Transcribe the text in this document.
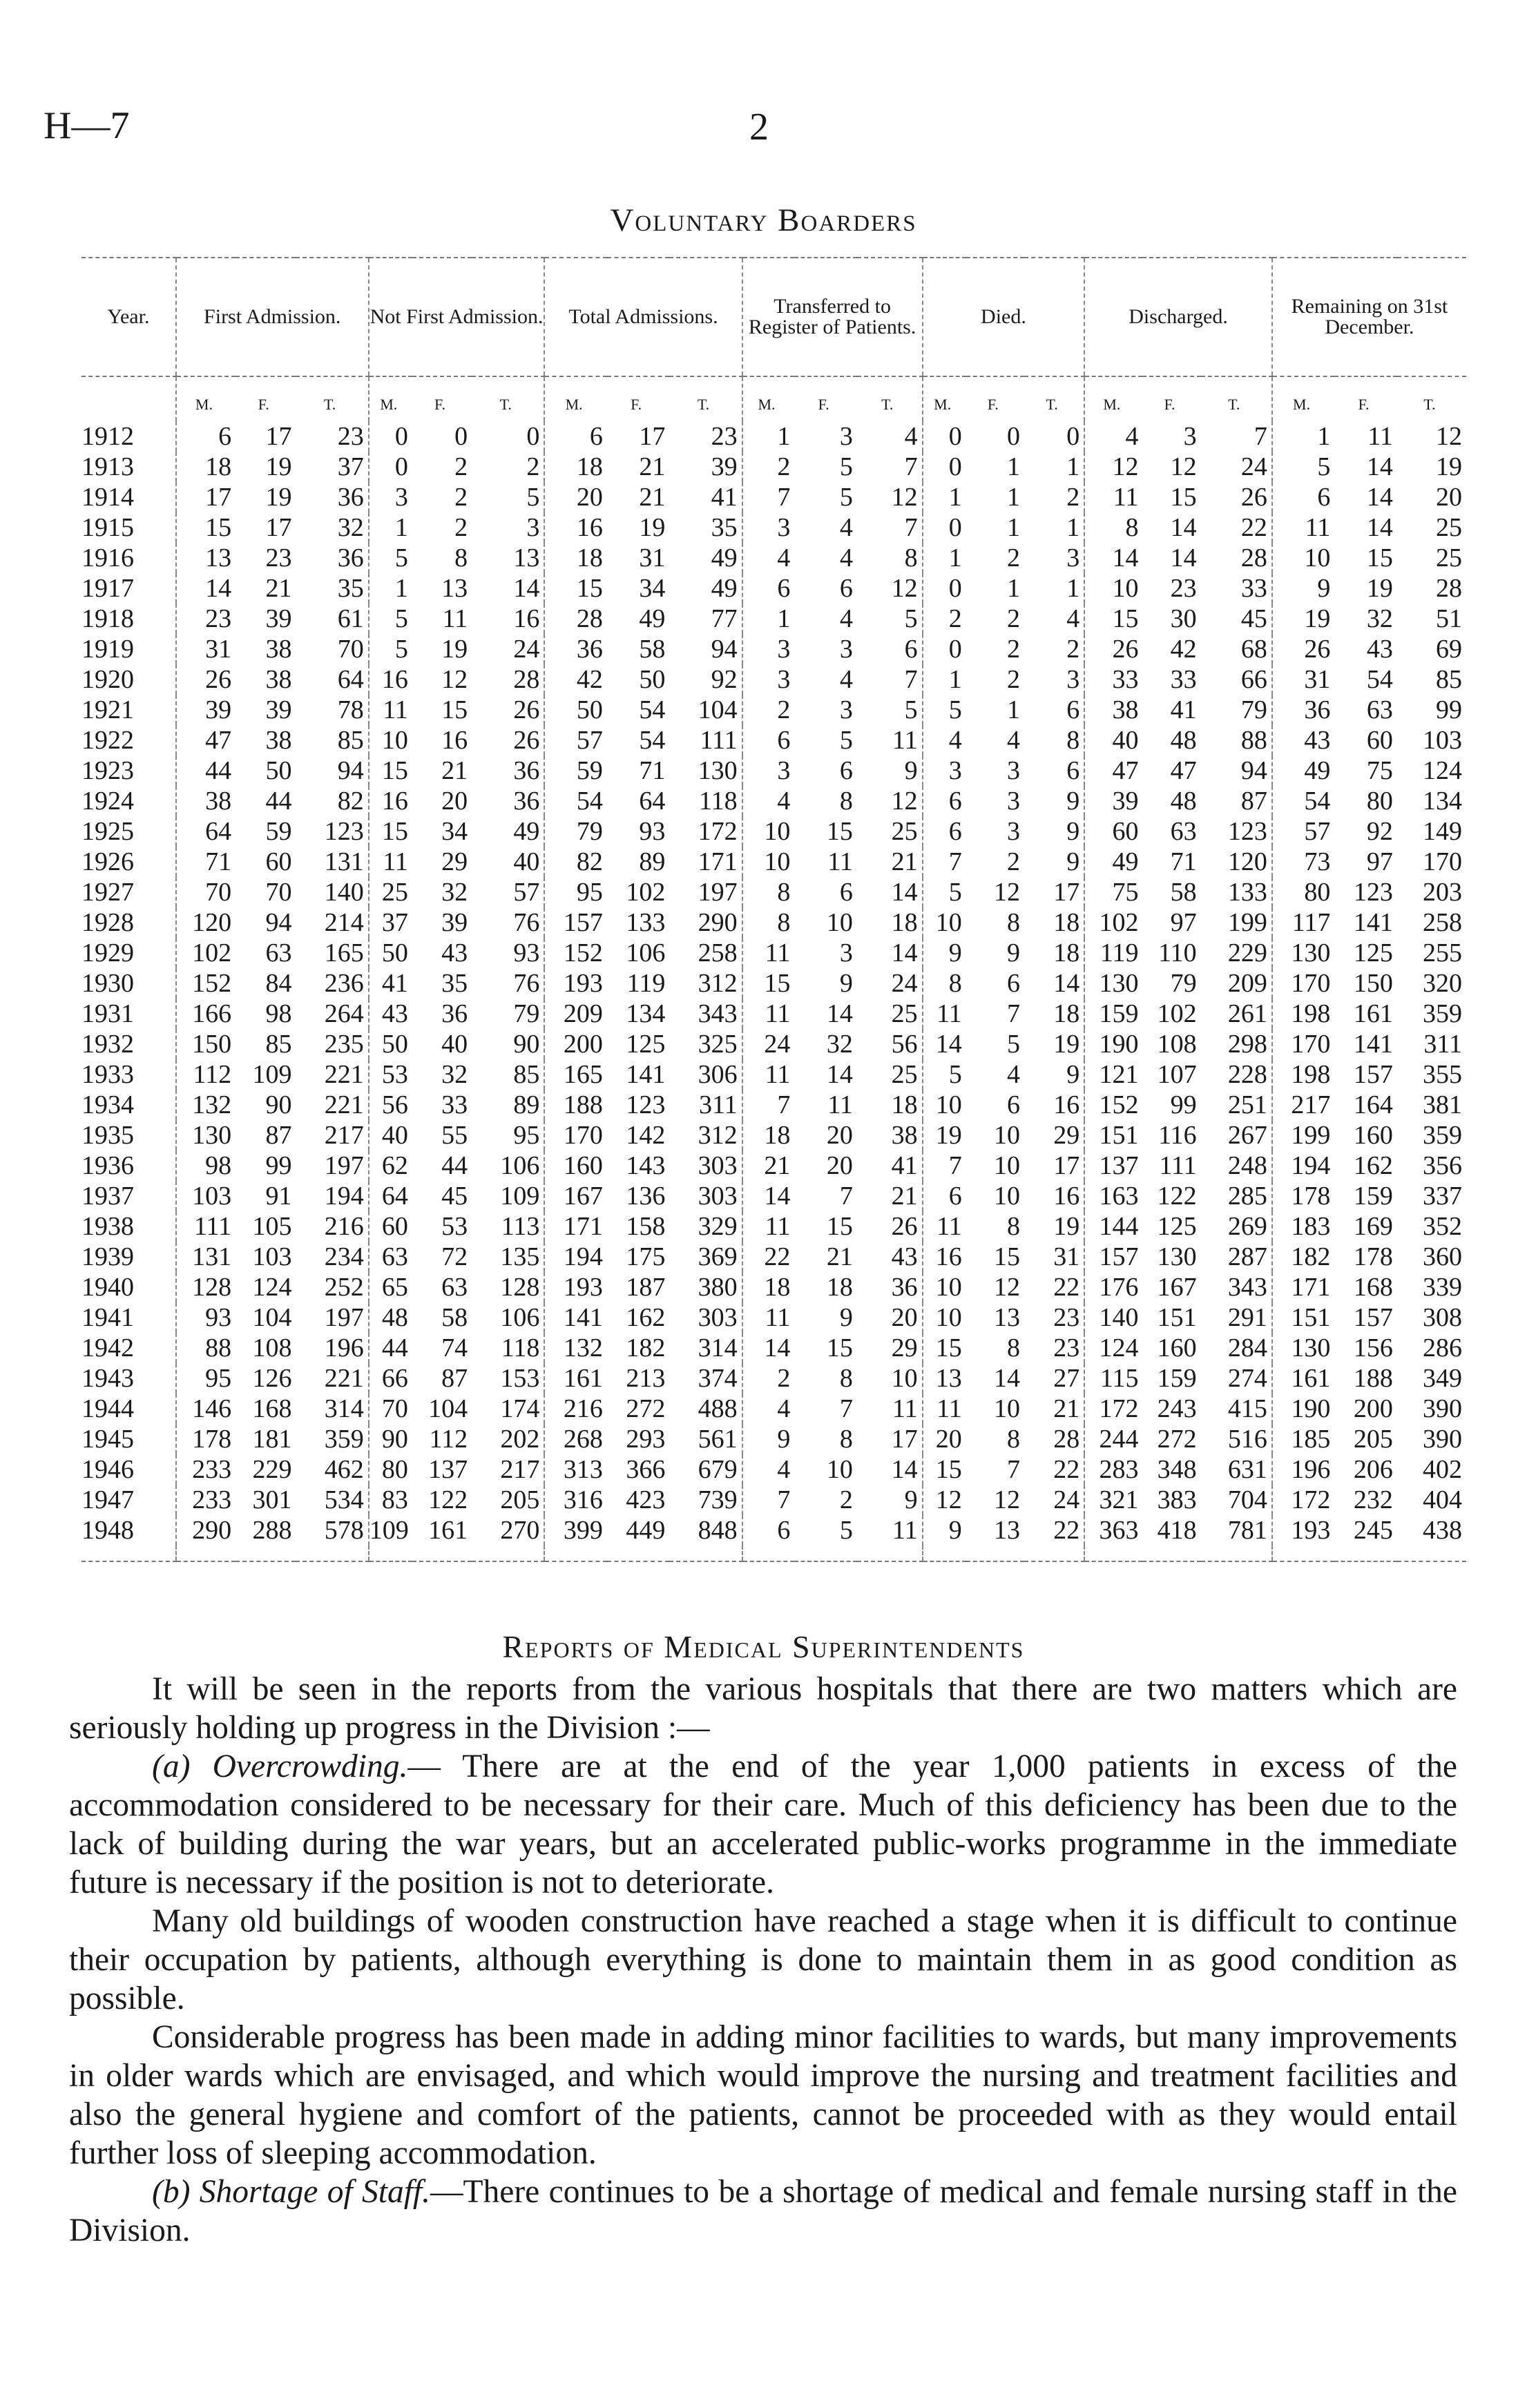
H—7	2
Voluntary Boarders
Year.	First Admission.			Not First Admission.			Total Admissions.			Transferred to Register of Patients.			Died.			Discharged.			Remaining on 31st December.		
	M.	F.	T.	M.	F.	T.	M.	F.	T.	M.	F.	T.	M.	F.	T.	M.	F.	T.	M.	F.	T.
1912	6	17	23	0	0	0	6	17	23	1	3	4	0	0	0	4	3	7	1	11	12
1913	18	19	37	0	2	2	18	21	39	2	5	7	0	1	1	12	12	24	5	14	19
1914	17	19	36	3	2	5	20	21	41	7	5	12	1	1	2	11	15	26	6	14	20
1915	15	17	32	1	2	3	16	19	35	3	4	7	0	1	1	8	14	22	11	14	25
1916	13	23	36	5	8	13	18	31	49	4	4	8	1	2	3	14	14	28	10	15	25
1917	14	21	35	1	13	14	15	34	49	6	6	12	0	1	1	10	23	33	9	19	28
1918	23	39	61	5	11	16	28	49	77	1	4	5	2	2	4	15	30	45	19	32	51
1919	31	38	70	5	19	24	36	58	94	3	3	6	0	2	2	26	42	68	26	43	69
1920	26	38	64	16	12	28	42	50	92	3	4	7	1	2	3	33	33	66	31	54	85
1921	39	39	78	11	15	26	50	54	104	2	3	5	5	1	6	38	41	79	36	63	99
1922	47	38	85	10	16	26	57	54	111	6	5	11	4	4	8	40	48	88	43	60	103
1923	44	50	94	15	21	36	59	71	130	3	6	9	3	3	6	47	47	94	49	75	124
1924	38	44	82	16	20	36	54	64	118	4	8	12	6	3	9	39	48	87	54	80	134
1925	64	59	123	15	34	49	79	93	172	10	15	25	6	3	9	60	63	123	57	92	149
1926	71	60	131	11	29	40	82	89	171	10	11	21	7	2	9	49	71	120	73	97	170
1927	70	70	140	25	32	57	95	102	197	8	6	14	5	12	17	75	58	133	80	123	203
1928	120	94	214	37	39	76	157	133	290	8	10	18	10	8	18	102	97	199	117	141	258
1929	102	63	165	50	43	93	152	106	258	11	3	14	9	9	18	119	110	229	130	125	255
1930	152	84	236	41	35	76	193	119	312	15	9	24	8	6	14	130	79	209	170	150	320
1931	166	98	264	43	36	79	209	134	343	11	14	25	11	7	18	159	102	261	198	161	359
1932	150	85	235	50	40	90	200	125	325	24	32	56	14	5	19	190	108	298	170	141	311
1933	112	109	221	53	32	85	165	141	306	11	14	25	5	4	9	121	107	228	198	157	355
1934	132	90	221	56	33	89	188	123	311	7	11	18	10	6	16	152	99	251	217	164	381
1935	130	87	217	40	55	95	170	142	312	18	20	38	19	10	29	151	116	267	199	160	359
1936	98	99	197	62	44	106	160	143	303	21	20	41	7	10	17	137	111	248	194	162	356
1937	103	91	194	64	45	109	167	136	303	14	7	21	6	10	16	163	122	285	178	159	337
1938	111	105	216	60	53	113	171	158	329	11	15	26	11	8	19	144	125	269	183	169	352
1939	131	103	234	63	72	135	194	175	369	22	21	43	16	15	31	157	130	287	182	178	360
1940	128	124	252	65	63	128	193	187	380	18	18	36	10	12	22	176	167	343	171	168	339
1941	93	104	197	48	58	106	141	162	303	11	9	20	10	13	23	140	151	291	151	157	308
1942	88	108	196	44	74	118	132	182	314	14	15	29	15	8	23	124	160	284	130	156	286
1943	95	126	221	66	87	153	161	213	374	2	8	10	13	14	27	115	159	274	161	188	349
1944	146	168	314	70	104	174	216	272	488	4	7	11	11	10	21	172	243	415	190	200	390
1945	178	181	359	90	112	202	268	293	561	9	8	17	20	8	28	244	272	516	185	205	390
1946	233	229	462	80	137	217	313	366	679	4	10	14	15	7	22	283	348	631	196	206	402
1947	233	301	534	83	122	205	316	423	739	7	2	9	12	12	24	321	383	704	172	232	404
1948	290	288	578	109	161	270	399	449	848	6	5	11	9	13	22	363	418	781	193	245	438

Reports of Medical Superintendents

It will be seen in the reports from the various hospitals that there are two matters which are seriously holding up progress in the Division :—

(a) Overcrowding.— There are at the end of the year 1,000 patients in excess of the accommodation considered to be necessary for their care. Much of this deficiency has been due to the lack of building during the war years, but an accelerated public-works programme in the immediate future is necessary if the position is not to deteriorate.

Many old buildings of wooden construction have reached a stage when it is difficult to continue their occupation by patients, although everything is done to maintain them in as good condition as possible.

Considerable progress has been made in adding minor facilities to wards, but many improvements in older wards which are envisaged, and which would improve the nursing and treatment facilities and also the general hygiene and comfort of the patients, cannot be proceeded with as they would entail further loss of sleeping accommodation.

(b) Shortage of Staff.—There continues to be a shortage of medical and female nursing staff in the Division.
